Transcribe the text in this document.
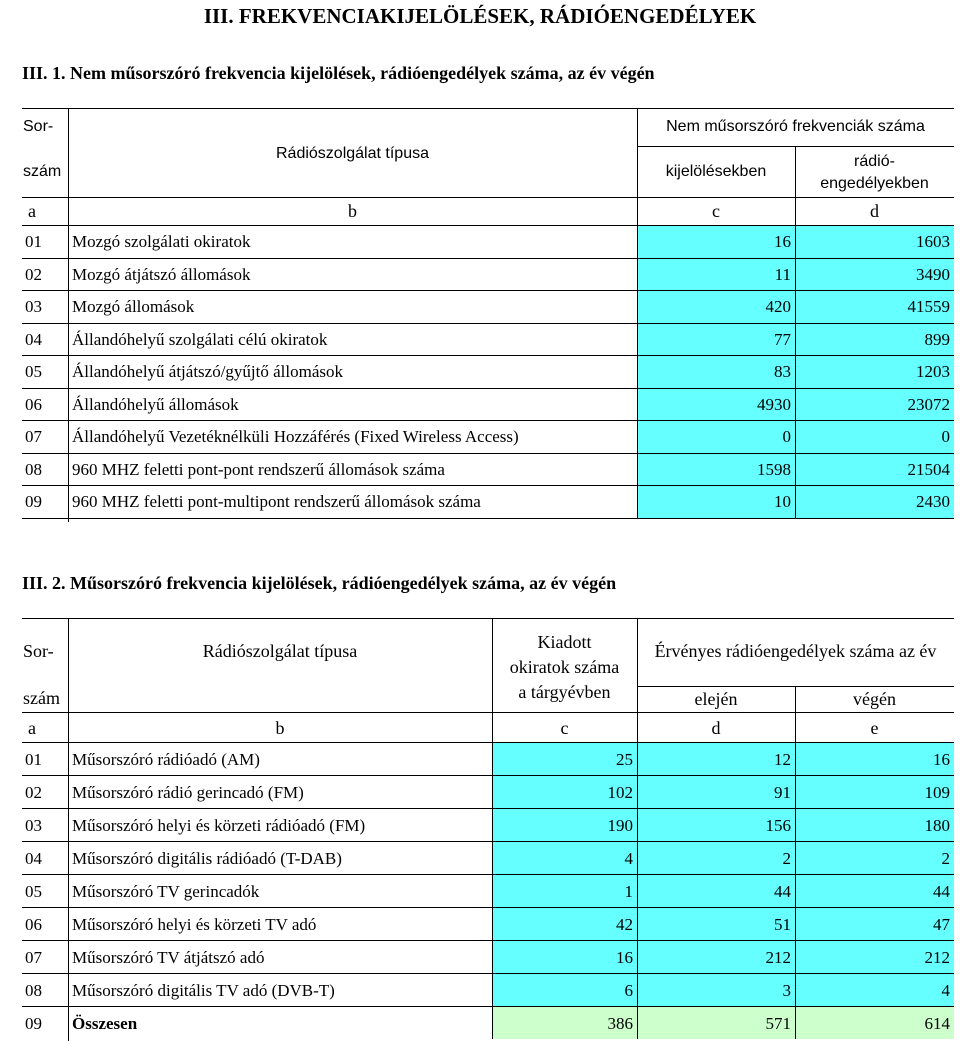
III. FREKVENCIAKIJELÖLÉSEK, RÁDIÓENGEDÉLYEK
III. 1. Nem műsorszóró frekvencia kijelölések, rádióengedélyek száma, az év végén
Sor-
szám
Rádiószolgálat típusa
Nem műsorszóró frekvenciák száma
kijelölésekben
rádió-
engedélyekben
a	b	c	d
01 Mozgó szolgálati okiratok	16	1603
02 Mozgó átjátszó állomások	11	3490
03 Mozgó állomások	420	41559
04 Állandóhelyű szolgálati célú okiratok	77	899
05 Állandóhelyű átjátszó/gyűjtő állomások	83	1203
06 Állandóhelyű állomások	4930	23072
07 Állandóhelyű Vezetéknélküli Hozzáférés (Fixed Wireless Access)	0	0
08 960 MHZ feletti pont-pont rendszerű állomások száma	1598	21504
09 960 MHZ feletti pont-multipont rendszerű állomások száma	10	2430
III. 2. Műsorszóró frekvencia kijelölések, rádióengedélyek száma, az év végén
Sor-
szám
Rádiószolgálat típusa	Kiadott
okiratok száma
a tárgyévben
Érvényes rádióengedélyek száma az év
elején	végén
a	b	c	d	e
01 Műsorszóró rádióadó (AM)	25	12	16
02 Műsorszóró rádió gerincadó (FM)	102	91	109
03 Műsorszóró helyi és körzeti rádióadó (FM)	190	156	180
04 Műsorszóró digitális rádióadó (T-DAB)	4	2	2
05 Műsorszóró TV gerincadók	1	44	44
06 Műsorszóró helyi és körzeti TV adó	42	51	47
07 Műsorszóró TV átjátszó adó	16	212	212
08 Műsorszóró digitális TV adó (DVB-T)	6	3	4
09 Összesen	386	571	614
